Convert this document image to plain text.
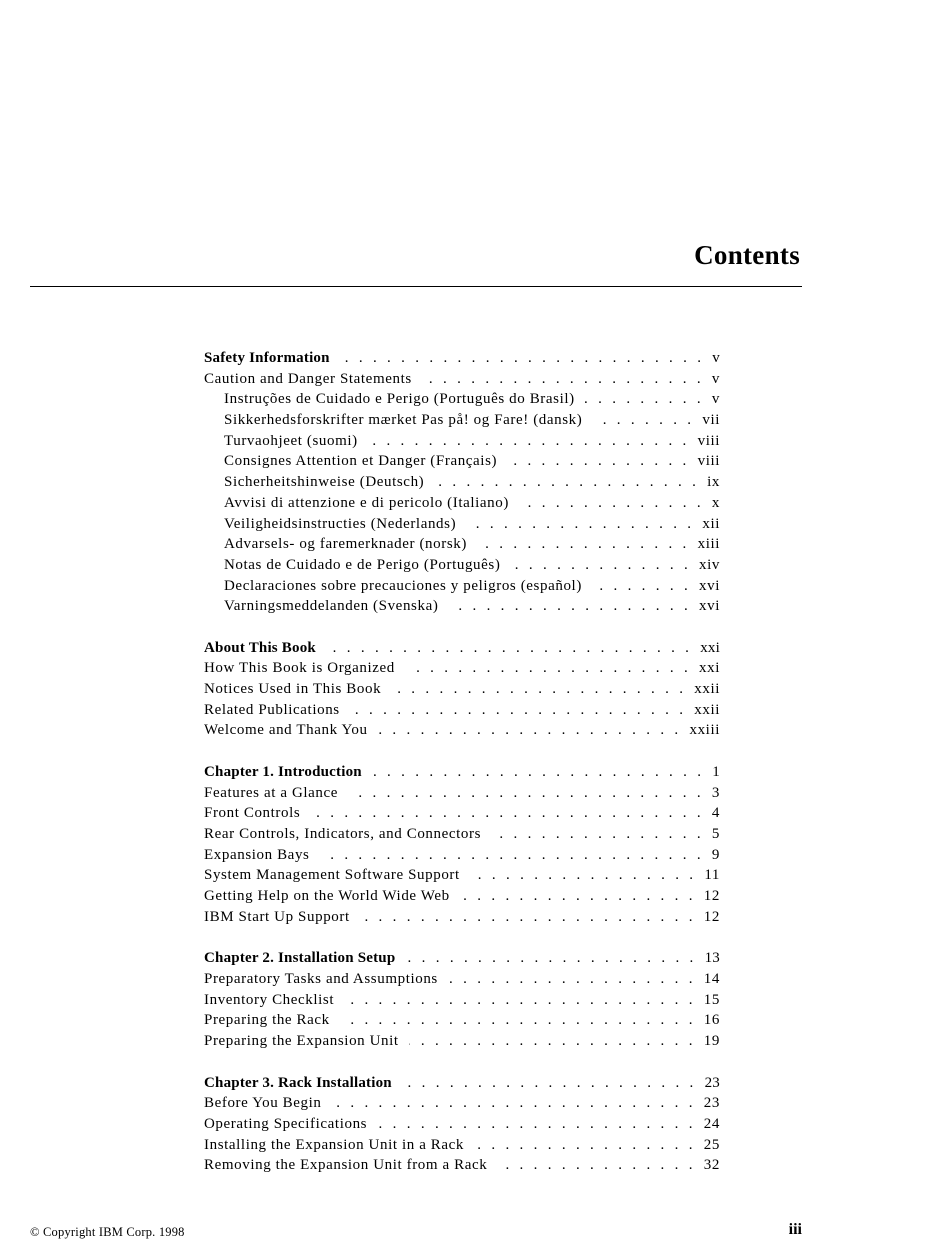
Contents
Safety Information . . .	v
Caution and Danger Statements . . .	v
Instruções de Cuidado e Perigo (Português do Brasil) . . .	v
Sikkerhedsforskrifter mærket Pas på! og Fare! (dansk) . . .	vii
Turvaohjeet (suomi) . . .	viii
Consignes Attention et Danger (Français) . . .	viii
Sicherheitshinweise (Deutsch) . . .	ix
Avvisi di attenzione e di pericolo (Italiano) . . .	x
Veiligheidsinstructies (Nederlands) . . .	xii
Advarsels- og faremerknader (norsk) . . .	xiii
Notas de Cuidado e de Perigo (Português) . . .	xiv
Declaraciones sobre precauciones y peligros (español) . . .	xvi
Varningsmeddelanden (Svenska) . . .	xvi
About This Book . . .	xxi
How This Book is Organized . . .	xxi
Notices Used in This Book . . .	xxii
Related Publications . . .	xxii
Welcome and Thank You . . .	xxiii
Chapter 1. Introduction . . .	1
Features at a Glance . . .	3
Front Controls . . .	4
Rear Controls, Indicators, and Connectors . . .	5
Expansion Bays . . .	9
System Management Software Support . . .	11
Getting Help on the World Wide Web . . .	12
IBM Start Up Support . . .	12
Chapter 2. Installation Setup . . .	13
Preparatory Tasks and Assumptions . . .	14
Inventory Checklist . . .	15
Preparing the Rack . . .	16
Preparing the Expansion Unit . . .	19
Chapter 3. Rack Installation . . .	23
Before You Begin . . .	23
Operating Specifications . . .	24
Installing the Expansion Unit in a Rack . . .	25
Removing the Expansion Unit from a Rack . . .	32
© Copyright IBM Corp. 1998	iii
